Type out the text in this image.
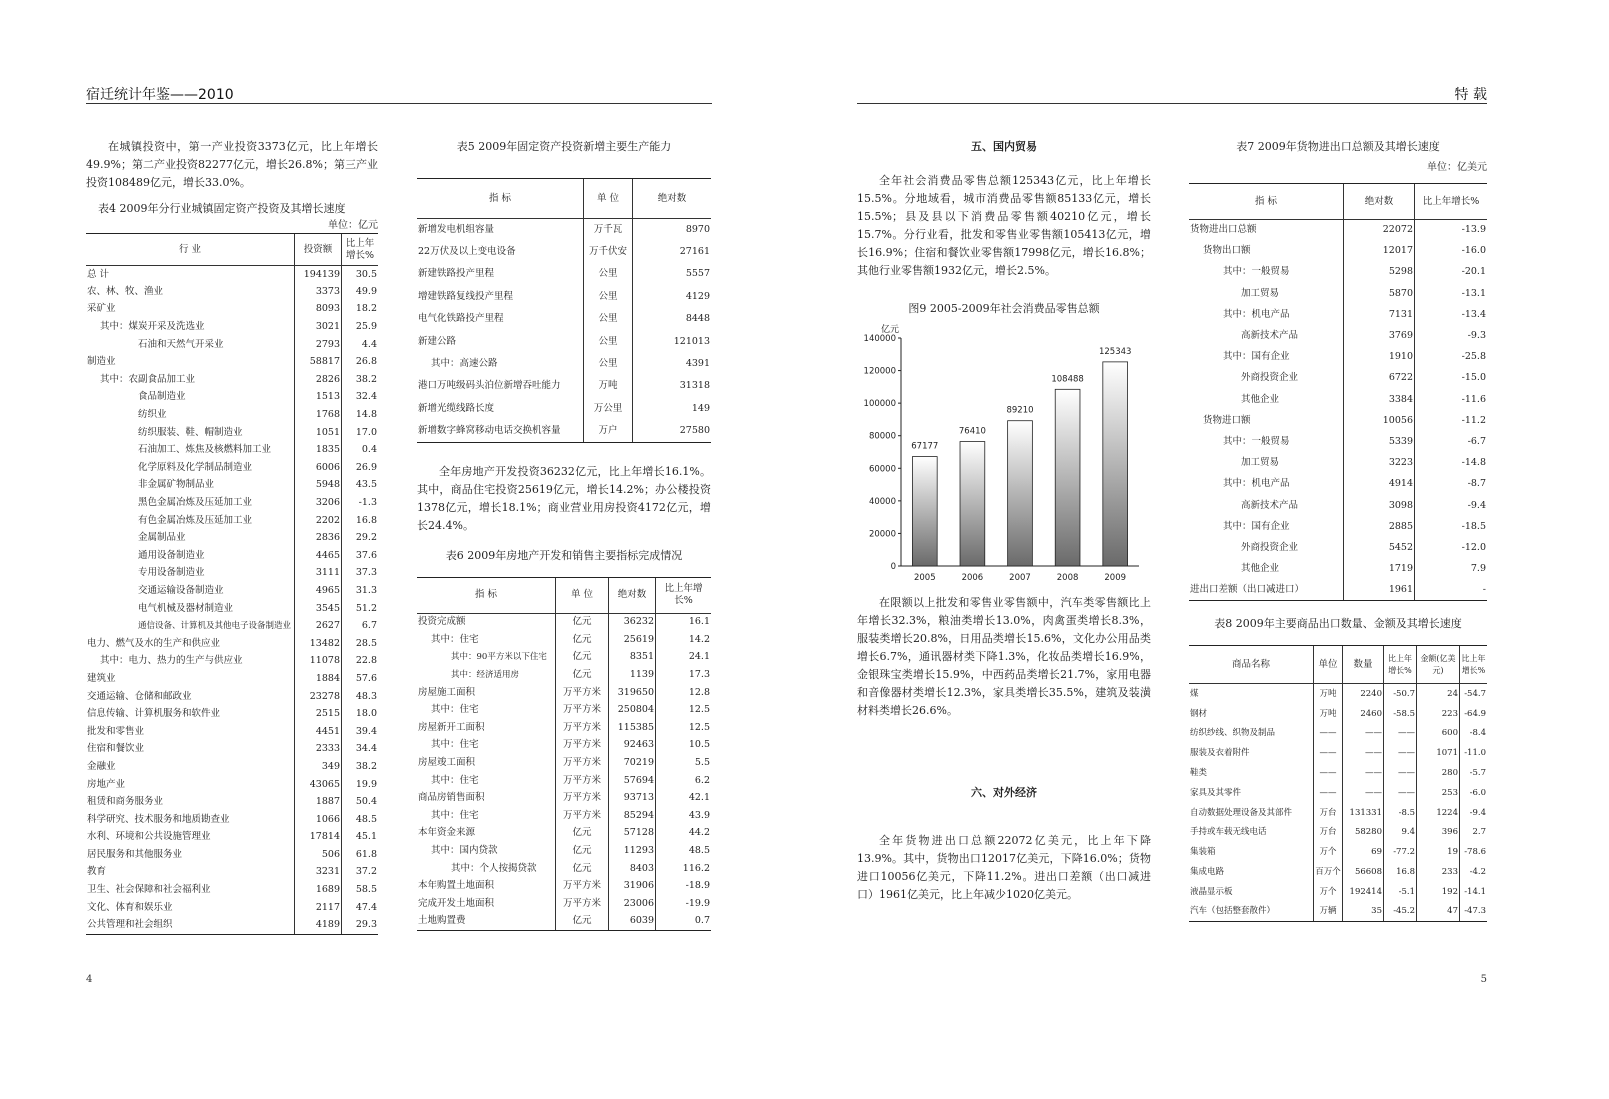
宿迁统计年鉴——2010

在城镇投资中，第一产业投资3373亿元，比上年增长49.9%；第二产业投资82277亿元，增长26.8%；第三产业投资108489亿元，增长33.0%。

表4 2009年分行业城镇固定资产投资及其增长速度
单位：亿元
行 业	投资额	比上年增长%
总 计	194139	30.5
农、林、牧、渔业	3373	49.9
采矿业	8093	18.2
其中：煤炭开采及洗选业	3021	25.9
石油和天然气开采业	2793	4.4
制造业	58817	26.8
其中：农副食品加工业	2826	38.2
食品制造业	1513	32.4
纺织业	1768	14.8
纺织服装、鞋、帽制造业	1051	17.0
石油加工、炼焦及核燃料加工业	1835	0.4
化学原料及化学制品制造业	6006	26.9
非金属矿物制品业	5948	43.5
黑色金属冶炼及压延加工业	3206	-1.3
有色金属冶炼及压延加工业	2202	16.8
金属制品业	2836	29.2
通用设备制造业	4465	37.6
专用设备制造业	3111	37.3
交通运输设备制造业	4965	31.3
电气机械及器材制造业	3545	51.2
通信设备、计算机及其他电子设备制造业	2627	6.7
电力、燃气及水的生产和供应业	13482	28.5
其中：电力、热力的生产与供应业	11078	22.8
建筑业	1884	57.6
交通运输、仓储和邮政业	23278	48.3
信息传输、计算机服务和软件业	2515	18.0
批发和零售业	4451	39.4
住宿和餐饮业	2333	34.4
金融业	349	38.2
房地产业	43065	19.9
租赁和商务服务业	1887	50.4
科学研究、技术服务和地质勘查业	1066	48.5
水利、环境和公共设施管理业	17814	45.1
居民服务和其他服务业	506	61.8
教育	3231	37.2
卫生、社会保障和社会福利业	1689	58.5
文化、体育和娱乐业	2117	47.4
公共管理和社会组织	4189	29.3
表5 2009年固定资产投资新增主要生产能力
指 标	单 位	绝对数
新增发电机组容量	万千瓦	8970
22万伏及以上变电设备	万千伏安	27161
新建铁路投产里程	公里	5557
增建铁路复线投产里程	公里	4129
电气化铁路投产里程	公里	8448
新建公路	公里	121013
其中：高速公路	公里	4391
港口万吨级码头泊位新增吞吐能力	万吨	31318
新增光缆线路长度	万公里	149
新增数字蜂窝移动电话交换机容量	万户	27580

全年房地产开发投资36232亿元，比上年增长16.1%。其中，商品住宅投资25619亿元，增长14.2%；办公楼投资1378亿元，增长18.1%；商业营业用房投资4172亿元，增长24.4%。

表6 2009年房地产开发和销售主要指标完成情况
指 标	单 位	绝对数	比上年增长%
投资完成额	亿元	36232	16.1
其中：住宅	亿元	25619	14.2
其中：90平方米以下住宅	亿元	8351	24.1
其中：经济适用房	亿元	1139	17.3
房屋施工面积	万平方米	319650	12.8
其中：住宅	万平方米	250804	12.5
房屋新开工面积	万平方米	115385	12.5
其中：住宅	万平方米	92463	10.5
房屋竣工面积	万平方米	70219	5.5
其中：住宅	万平方米	57694	6.2
商品房销售面积	万平方米	93713	42.1
其中：住宅	万平方米	85294	43.9
本年资金来源	亿元	57128	44.2
其中：国内贷款	亿元	11293	48.5
其中：个人按揭贷款	亿元	8403	116.2
本年购置土地面积	万平方米	31906	-18.9
完成开发土地面积	万平方米	23006	-19.9
土地购置费	亿元	6039	0.7
4
特 载
五、国内贸易

全年社会消费品零售总额125343亿元，比上年增长15.5%。分地域看，城市消费品零售额85133亿元，增长15.5%；县及县以下消费品零售额40210亿元，增长15.7%。分行业看，批发和零售业零售额105413亿元，增长16.9%；住宿和餐饮业零售额17998亿元，增长16.8%；其他行业零售额1932亿元，增长2.5%。

图9 2005-2009年社会消费品零售总额
亿元
0
20000
40000
60000
80000
100000
120000
140000
67177
2005
76410
2006
89210
2007
108488
2008
125343
2009

在限额以上批发和零售业零售额中，汽车类零售额比上年增长32.3%，粮油类增长13.0%，肉禽蛋类增长8.3%，服装类增长20.8%，日用品类增长15.6%，文化办公用品类增长6.7%，通讯器材类下降1.3%，化妆品类增长16.9%，金银珠宝类增长15.9%，中西药品类增长21.7%，家用电器和音像器材类增长12.3%，家具类增长35.5%，建筑及装潢材料类增长26.6%。

六、对外经济

全年货物进出口总额22072亿美元，比上年下降13.9%。其中，货物出口12017亿美元，下降16.0%；货物进口10056亿美元，下降11.2%。进出口差额（出口减进口）1961亿美元，比上年减少1020亿美元。

表7 2009年货物进出口总额及其增长速度
单位：亿美元
指 标	绝对数	比上年增长%
货物进出口总额	22072	-13.9
货物出口额	12017	-16.0
其中：一般贸易	5298	-20.1
加工贸易	5870	-13.1
其中：机电产品	7131	-13.4
高新技术产品	3769	-9.3
其中：国有企业	1910	-25.8
外商投资企业	6722	-15.0
其他企业	3384	-11.6
货物进口额	10056	-11.2
其中：一般贸易	5339	-6.7
加工贸易	3223	-14.8
其中：机电产品	4914	-8.7
高新技术产品	3098	-9.4
其中：国有企业	2885	-18.5
外商投资企业	5452	-12.0
其他企业	1719	7.9
进出口差额（出口减进口）	1961	-
表8 2009年主要商品出口数量、金额及其增长速度
商品名称	单位	数量	比上年增长%	金额(亿美元)	比上年增长%
煤	万吨	2240	-50.7	24	-54.7
钢材	万吨	2460	-58.5	223	-64.9
纺织纱线、织物及制品	——	——	——	600	-8.4
服装及衣着附件	——	——	——	1071	-11.0
鞋类	——	——	——	280	-5.7
家具及其零件	——	——	——	253	-6.0
自动数据处理设备及其部件	万台	131331	-8.5	1224	-9.4
手持或车载无线电话	万台	58280	9.4	396	2.7
集装箱	万个	69	-77.2	19	-78.6
集成电路	百万个	56608	16.8	233	-4.2
液晶显示板	万个	192414	-5.1	192	-14.1
汽车（包括整套散件）	万辆	35	-45.2	47	-47.3
5
